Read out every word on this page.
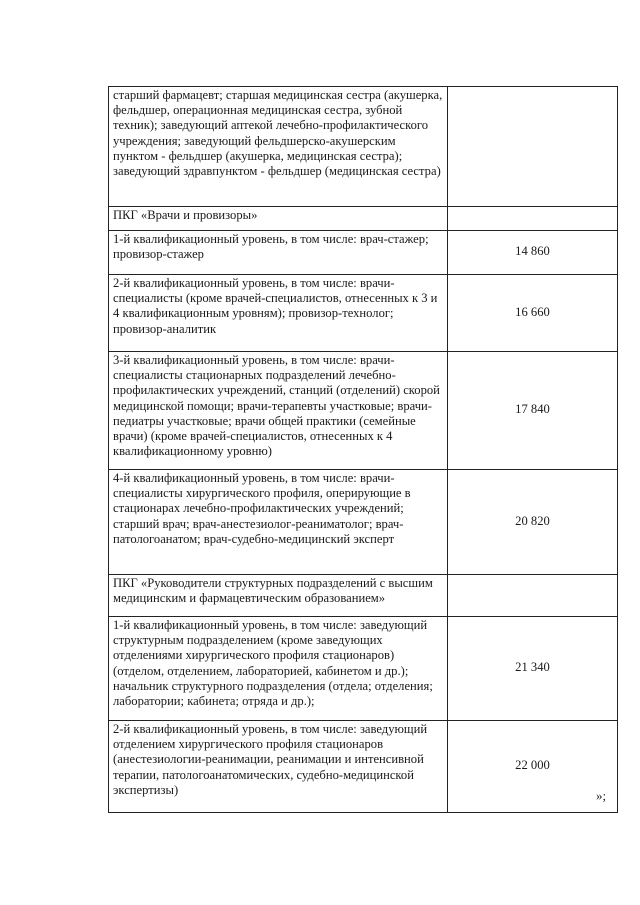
старший фармацевт; старшая медицинская сестра (акушерка, фельдшер, операционная медицинская сестра, зубной техник); заведующий аптекой лечебно-профилактического учреждения; заведующий фельдшерско-акушерским пунктом - фельдшер (акушерка, медицинская сестра); заведующий здравпунктом - фельдшер (медицинская сестра)	
ПКГ «Врачи и провизоры»	
1-й квалификационный уровень, в том числе: врач-стажер; провизор-стажер	14 860
2-й квалификационный уровень, в том числе: врачи-специалисты (кроме врачей-специалистов, отнесенных к 3 и 4 квалификационным уровням); провизор-технолог; провизор-аналитик	16 660
3-й квалификационный уровень, в том числе: врачи-специалисты стационарных подразделений лечебно-профилактических учреждений, станций (отделений) скорой медицинской помощи; врачи-терапевты участковые; врачи-педиатры участковые; врачи общей практики (семейные врачи) (кроме врачей-специалистов, отнесенных к 4 квалификационному уровню)	17 840
4-й квалификационный уровень, в том числе: врачи-специалисты хирургического профиля, оперирующие в стационарах лечебно-профилактических учреждений; старший врач; врач-анестезиолог-реаниматолог; врач-патологоанатом; врач-судебно-медицинский эксперт	20 820
ПКГ «Руководители структурных подразделений с высшим медицинским и фармацевтическим образованием»	
1-й квалификационный уровень, в том числе: заведующий структурным подразделением (кроме заведующих отделениями хирургического профиля стационаров) (отделом, отделением, лабораторией, кабинетом и др.); начальник структурного подразделения (отдела; отделения; лаборатории; кабинета; отряда и др.);	21 340
2-й квалификационный уровень, в том числе: заведующий отделением хирургического профиля стационаров (анестезиологии-реанимации, реанимации и интенсивной терапии, патологоанатомических, судебно-медицинской экспертизы)	22 000
»;
